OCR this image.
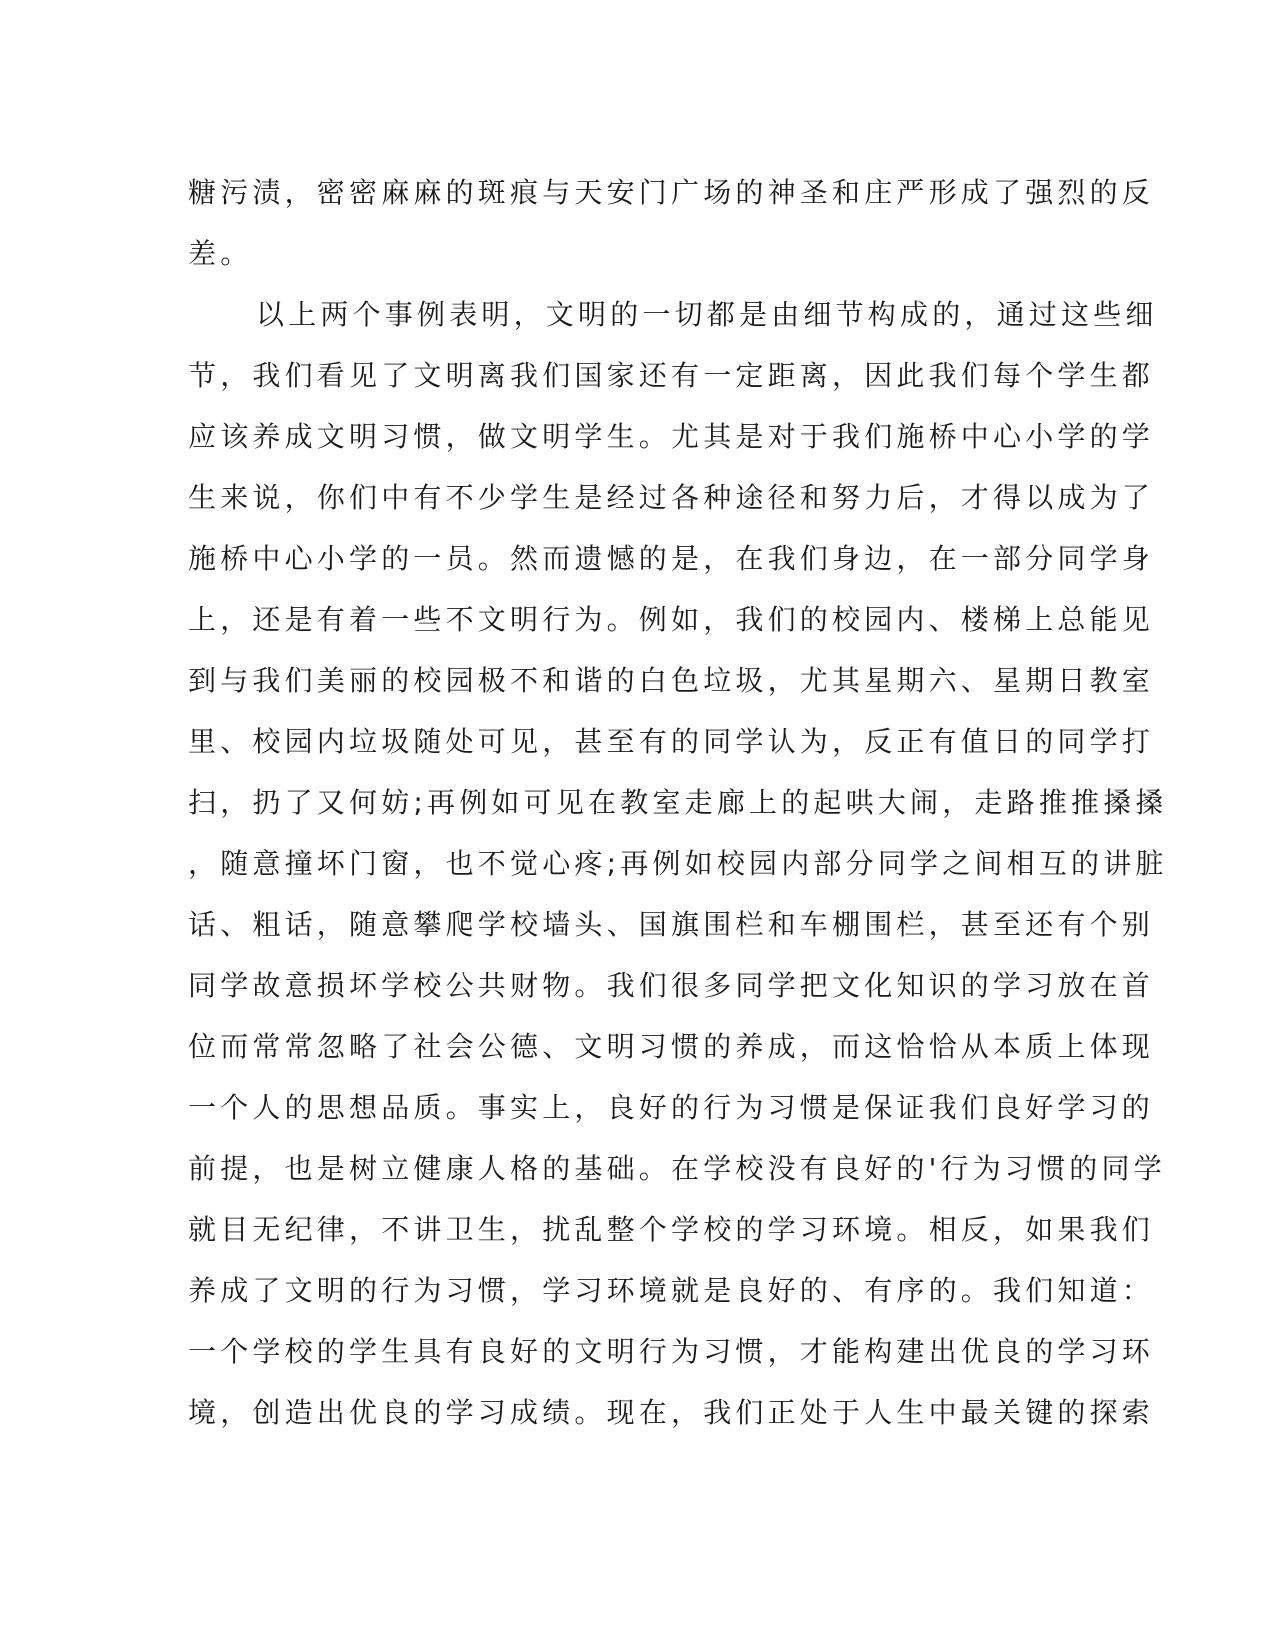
糖污渍，密密麻麻的斑痕与天安门广场的神圣和庄严形成了强烈的反
差。
以上两个事例表明，文明的一切都是由细节构成的，通过这些细
节，我们看见了文明离我们国家还有一定距离，因此我们每个学生都
应该养成文明习惯，做文明学生。尤其是对于我们施桥中心小学的学
生来说，你们中有不少学生是经过各种途径和努力后，才得以成为了
施桥中心小学的一员。然而遗憾的是，在我们身边，在一部分同学身
上，还是有着一些不文明行为。例如，我们的校园内、楼梯上总能见
到与我们美丽的校园极不和谐的白色垃圾，尤其星期六、星期日教室
里、校园内垃圾随处可见，甚至有的同学认为，反正有值日的同学打
扫，扔了又何妨;再例如可见在教室走廊上的起哄大闹，走路推推搡搡
，随意撞坏门窗，也不觉心疼;再例如校园内部分同学之间相互的讲脏
话、粗话，随意攀爬学校墙头、国旗围栏和车棚围栏，甚至还有个别
同学故意损坏学校公共财物。我们很多同学把文化知识的学习放在首
位而常常忽略了社会公德、文明习惯的养成，而这恰恰从本质上体现
一个人的思想品质。事实上，良好的行为习惯是保证我们良好学习的
前提，也是树立健康人格的基础。在学校没有良好的'行为习惯的同学
就目无纪律，不讲卫生，扰乱整个学校的学习环境。相反，如果我们
养成了文明的行为习惯，学习环境就是良好的、有序的。我们知道：
一个学校的学生具有良好的文明行为习惯，才能构建出优良的学习环
境，创造出优良的学习成绩。现在，我们正处于人生中最关键的探索
